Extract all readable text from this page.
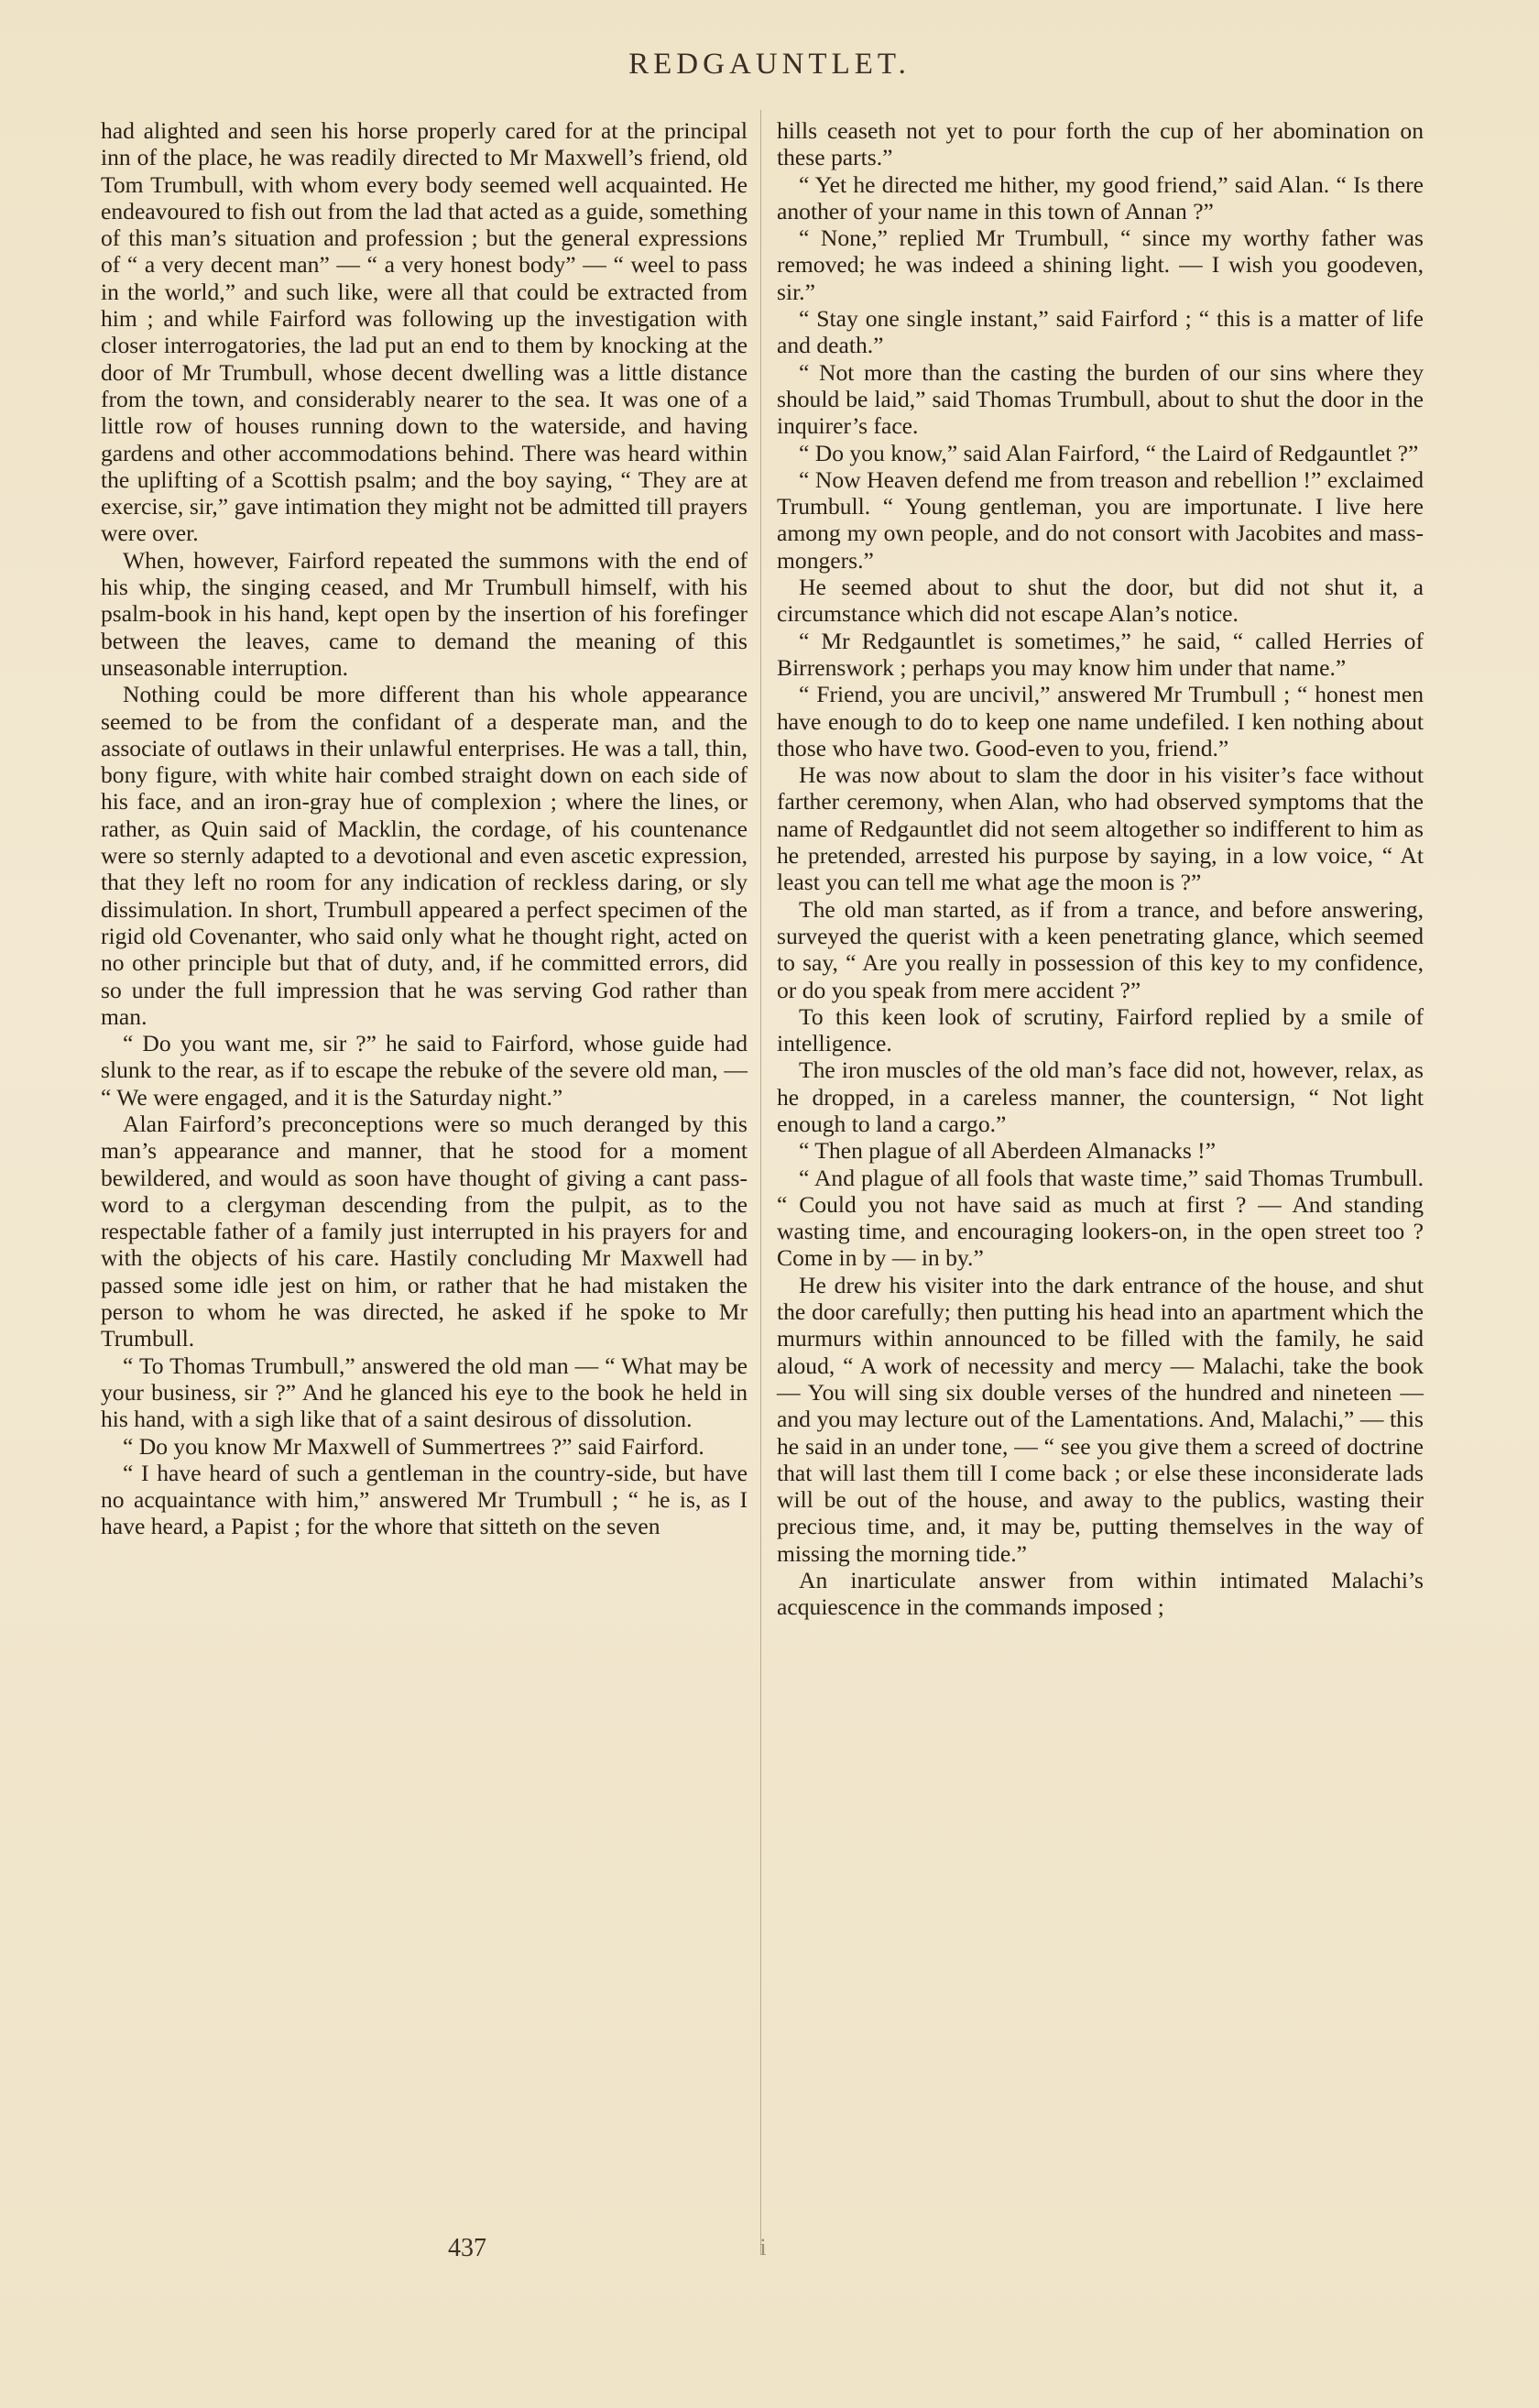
REDGAUNTLET.

had alighted and seen his horse properly cared for at the principal inn of the place, he was readily directed to Mr Maxwell’s friend, old Tom Trumbull, with whom every body seemed well acquainted. He endeavoured to fish out from the lad that acted as a guide, something of this man’s situation and profession ; but the general expressions of “ a very decent man” — “ a very honest body” — “ weel to pass in the world,” and such like, were all that could be extracted from him ; and while Fairford was following up the investigation with closer interrogatories, the lad put an end to them by knocking at the door of Mr Trumbull, whose decent dwelling was a little distance from the town, and considerably nearer to the sea. It was one of a little row of houses running down to the waterside, and having gardens and other accommodations behind. There was heard within the uplifting of a Scottish psalm; and the boy saying, “ They are at exercise, sir,” gave intimation they might not be admitted till prayers were over.

When, however, Fairford repeated the summons with the end of his whip, the singing ceased, and Mr Trumbull himself, with his psalm-book in his hand, kept open by the insertion of his forefinger between the leaves, came to demand the meaning of this unseasonable interruption.

Nothing could be more different than his whole appearance seemed to be from the confidant of a desperate man, and the associate of outlaws in their unlawful enterprises. He was a tall, thin, bony figure, with white hair combed straight down on each side of his face, and an iron-gray hue of complexion ; where the lines, or rather, as Quin said of Macklin, the cordage, of his countenance were so sternly adapted to a devotional and even ascetic expression, that they left no room for any indication of reckless daring, or sly dissimulation. In short, Trumbull appeared a perfect specimen of the rigid old Covenanter, who said only what he thought right, acted on no other principle but that of duty, and, if he committed errors, did so under the full impression that he was serving God rather than man.

“ Do you want me, sir ?” he said to Fairford, whose guide had slunk to the rear, as if to escape the rebuke of the severe old man, — “ We were engaged, and it is the Saturday night.”

Alan Fairford’s preconceptions were so much deranged by this man’s appearance and manner, that he stood for a moment bewildered, and would as soon have thought of giving a cant pass-word to a clergyman descending from the pulpit, as to the respectable father of a family just interrupted in his prayers for and with the objects of his care. Hastily concluding Mr Maxwell had passed some idle jest on him, or rather that he had mistaken the person to whom he was directed, he asked if he spoke to Mr Trumbull.

“ To Thomas Trumbull,” answered the old man — “ What may be your business, sir ?” And he glanced his eye to the book he held in his hand, with a sigh like that of a saint desirous of dissolution.

“ Do you know Mr Maxwell of Summertrees ?” said Fairford.

“ I have heard of such a gentleman in the country-side, but have no acquaintance with him,” answered Mr Trumbull ; “ he is, as I have heard, a Papist ; for the whore that sitteth on the seven

hills ceaseth not yet to pour forth the cup of her abomination on these parts.”

“ Yet he directed me hither, my good friend,” said Alan. “ Is there another of your name in this town of Annan ?”

“ None,” replied Mr Trumbull, “ since my worthy father was removed; he was indeed a shining light. — I wish you goodeven, sir.”

“ Stay one single instant,” said Fairford ; “ this is a matter of life and death.”

“ Not more than the casting the burden of our sins where they should be laid,” said Thomas Trumbull, about to shut the door in the inquirer’s face.

“ Do you know,” said Alan Fairford, “ the Laird of Redgauntlet ?”

“ Now Heaven defend me from treason and rebellion !” exclaimed Trumbull. “ Young gentleman, you are importunate. I live here among my own people, and do not consort with Jacobites and mass-mongers.”

He seemed about to shut the door, but did not shut it, a circumstance which did not escape Alan’s notice.

“ Mr Redgauntlet is sometimes,” he said, “ called Herries of Birrenswork ; perhaps you may know him under that name.”

“ Friend, you are uncivil,” answered Mr Trumbull ; “ honest men have enough to do to keep one name undefiled. I ken nothing about those who have two. Good-even to you, friend.”

He was now about to slam the door in his visiter’s face without farther ceremony, when Alan, who had observed symptoms that the name of Redgauntlet did not seem altogether so indifferent to him as he pretended, arrested his purpose by saying, in a low voice, “ At least you can tell me what age the moon is ?”

The old man started, as if from a trance, and before answering, surveyed the querist with a keen penetrating glance, which seemed to say, “ Are you really in possession of this key to my confidence, or do you speak from mere accident ?”

To this keen look of scrutiny, Fairford replied by a smile of intelligence.

The iron muscles of the old man’s face did not, however, relax, as he dropped, in a careless manner, the countersign, “ Not light enough to land a cargo.”

“ Then plague of all Aberdeen Almanacks !”

“ And plague of all fools that waste time,” said Thomas Trumbull. “ Could you not have said as much at first ? — And standing wasting time, and encouraging lookers-on, in the open street too ? Come in by — in by.”

He drew his visiter into the dark entrance of the house, and shut the door carefully; then putting his head into an apartment which the murmurs within announced to be filled with the family, he said aloud, “ A work of necessity and mercy — Malachi, take the book — You will sing six double verses of the hundred and nineteen — and you may lecture out of the Lamentations. And, Malachi,” — this he said in an under tone, — “ see you give them a screed of doctrine that will last them till I come back ; or else these inconsiderate lads will be out of the house, and away to the publics, wasting their precious time, and, it may be, putting themselves in the way of missing the morning tide.”

An inarticulate answer from within intimated Malachi’s acquiescence in the commands imposed ;

437	i
